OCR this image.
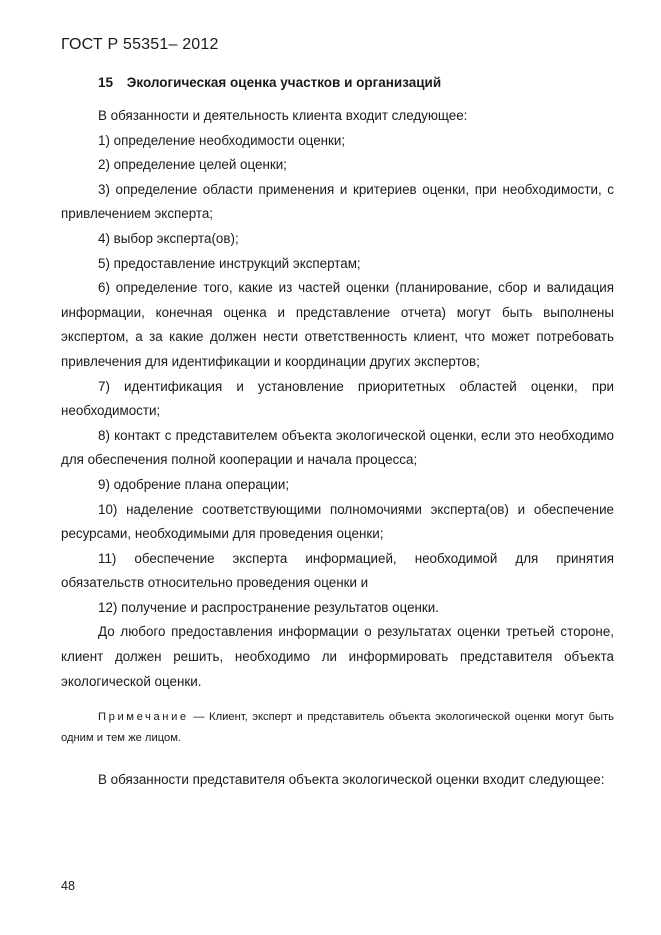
ГОСТ Р 55351– 2012
15 Экологическая оценка участков и организаций

В обязанности и деятельность клиента входит следующее:

1) определение необходимости оценки;

2) определение целей оценки;

3) определение области применения и критериев оценки, при необходимости, с привлечением эксперта;

4) выбор эксперта(ов);

5) предоставление инструкций экспертам;

6) определение того, какие из частей оценки (планирование, сбор и валидация информации, конечная оценка и представление отчета) могут быть выполнены экспертом, а за какие должен нести ответственность клиент, что может потребовать привлечения для идентификации и координации других экспертов;

7) идентификация и установление приоритетных областей оценки, при необходимости;

8) контакт с представителем объекта экологической оценки, если это необходимо для обеспечения полной кооперации и начала процесса;

9) одобрение плана операции;

10) наделение соответствующими полномочиями эксперта(ов) и обеспечение ресурсами, необходимыми для проведения оценки;

11) обеспечение эксперта информацией, необходимой для принятия обязательств относительно проведения оценки и

12) получение и распространение результатов оценки.

До любого предоставления информации о результатах оценки третьей стороне, клиент должен решить, необходимо ли информировать представителя объекта экологической оценки.

Примечание — Клиент, эксперт и представитель объекта экологической оценки могут быть одним и тем же лицом.

В обязанности представителя объекта экологической оценки входит следующее:

48
